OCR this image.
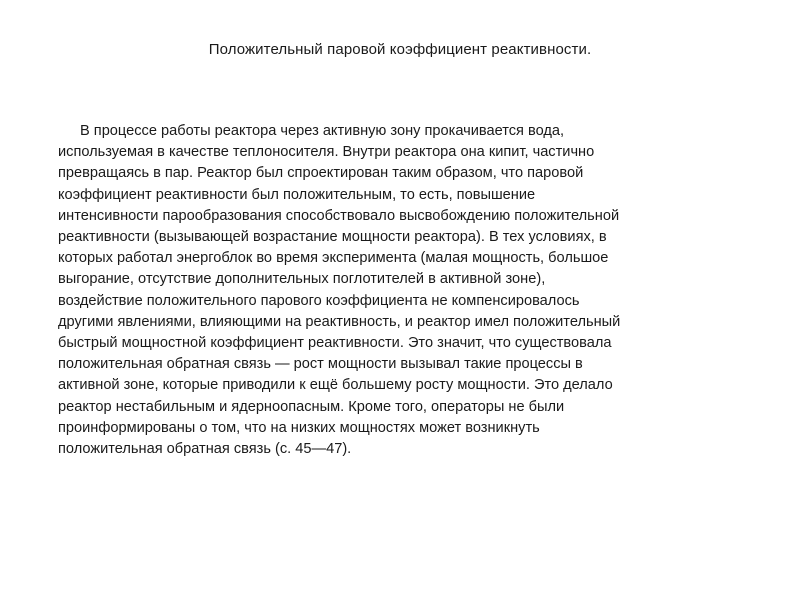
Положительный паровой коэффициент реактивности.
В процессе работы реактора через активную зону прокачивается вода,
используемая в качестве теплоносителя. Внутри реактора она кипит, частично
превращаясь в пар. Реактор был спроектирован таким образом, что паровой
коэффициент реактивности был положительным, то есть, повышение
интенсивности парообразования способствовало высвобождению положительной
реактивности (вызывающей возрастание мощности реактора). В тех условиях, в
которых работал энергоблок во время эксперимента (малая мощность, большое
выгорание, отсутствие дополнительных поглотителей в активной зоне),
воздействие положительного парового коэффициента не компенсировалось
другими явлениями, влияющими на реактивность, и реактор имел положительный
быстрый мощностной коэффициент реактивности. Это значит, что существовала
положительная обратная связь — рост мощности вызывал такие процессы в
активной зоне, которые приводили к ещё большему росту мощности. Это делало
реактор нестабильным и ядерноопасным. Кроме того, операторы не были
проинформированы о том, что на низких мощностях может возникнуть
положительная обратная связь (с. 45—47).
